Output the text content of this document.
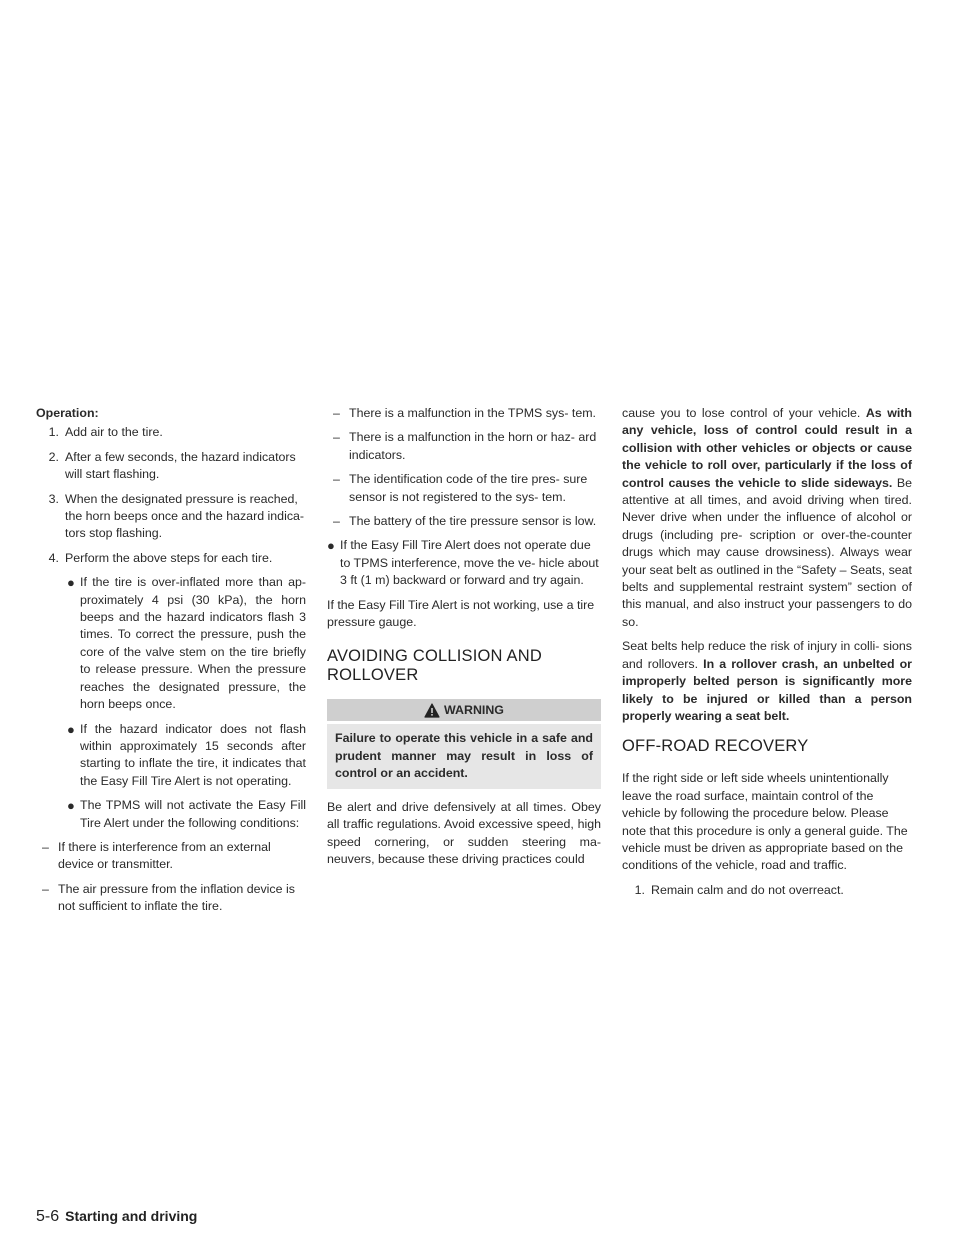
Operation:
1. Add air to the tire.
2. After a few seconds, the hazard indicators will start flashing.
3. When the designated pressure is reached, the horn beeps once and the hazard indica- tors stop flashing.
4. Perform the above steps for each tire.
● If the tire is over-inflated more than ap- proximately 4 psi (30 kPa), the horn beeps and the hazard indicators flash 3 times. To correct the pressure, push the core of the valve stem on the tire briefly to release pressure. When the pressure reaches the designated pressure, the horn beeps once.
● If the hazard indicator does not flash within approximately 15 seconds after starting to inflate the tire, it indicates that the Easy Fill Tire Alert is not operating.
● The TPMS will not activate the Easy Fill Tire Alert under the following conditions:
– If there is interference from an external device or transmitter.
– The air pressure from the inflation device is not sufficient to inflate the tire.
– There is a malfunction in the TPMS sys- tem.
– There is a malfunction in the horn or haz- ard indicators.
– The identification code of the tire pres- sure sensor is not registered to the sys- tem.
– The battery of the tire pressure sensor is low.
● If the Easy Fill Tire Alert does not operate due to TPMS interference, move the ve- hicle about 3 ft (1 m) backward or forward and try again.

If the Easy Fill Tire Alert is not working, use a tire pressure gauge.

AVOIDING COLLISION AND
ROLLOVER
WARNING
Failure to operate this vehicle in a safe and prudent manner may result in loss of control or an accident.

Be alert and drive defensively at all times. Obey all traffic regulations. Avoid excessive speed, high speed cornering, or sudden steering ma- neuvers, because these driving practices could

cause you to lose control of your vehicle. As with any vehicle, loss of control could result in a collision with other vehicles or objects or cause the vehicle to roll over, particularly if the loss of control causes the vehicle to slide sideways. Be attentive at all times, and avoid driving when tired. Never drive when under the influence of alcohol or drugs (including pre- scription or over-the-counter drugs which may cause drowsiness). Always wear your seat belt as outlined in the “Safety – Seats, seat belts and supplemental restraint system” section of this manual, and also instruct your passengers to do so.

Seat belts help reduce the risk of injury in colli- sions and rollovers. In a rollover crash, an unbelted or improperly belted person is significantly more likely to be injured or killed than a person properly wearing a seat belt.

OFF-ROAD RECOVERY

If the right side or left side wheels unintentionally leave the road surface, maintain control of the vehicle by following the procedure below. Please note that this procedure is only a general guide. The vehicle must be driven as appropriate based on the conditions of the vehicle, road and traffic.

1. Remain calm and do not overreact.
5-6 Starting and driving
